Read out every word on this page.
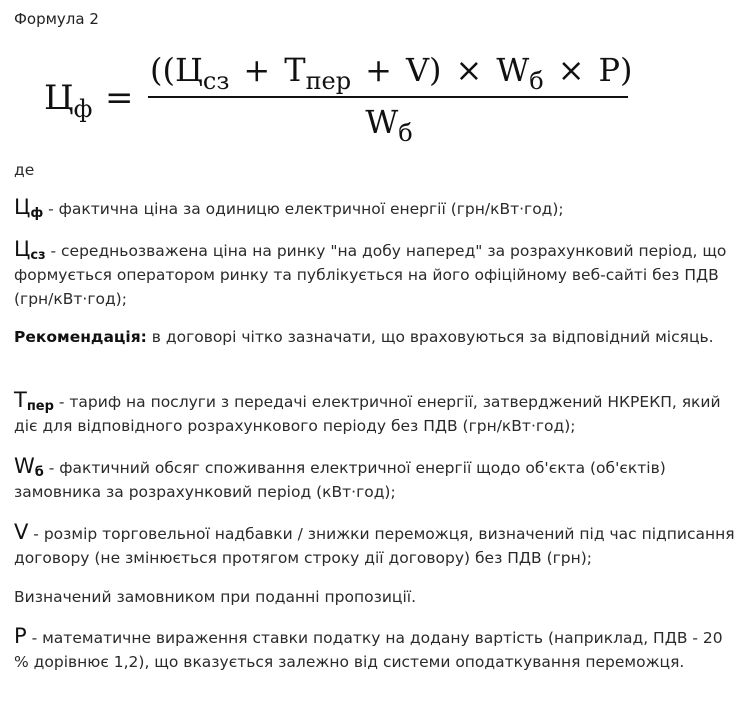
Формула 2
$Ц_ф$ =
$((Ц_{сз} + Т_{пер} + V) \times W_б \times P)$
$W_б$
де
$Ц_ф$ - фактична ціна за одиницю електричної енергії (грн/кВт·год);
$Ц_{сз}$ - середньозважена ціна на ринку "на добу наперед" за розрахунковий період, що формується оператором ринку та публікується на його офіційному веб-сайті без ПДВ (грн/кВт·год);
Рекомендація: в договорі чітко зазначати, що враховуються за відповідний місяць.
$Т_{пер}$ - тариф на послуги з передачі електричної енергії, затверджений НКРЕКП, який діє для відповідного розрахункового періоду без ПДВ (грн/кВт·год);
$W_б$ - фактичний обсяг споживання електричної енергії щодо об'єкта (об'єктів) замовника за розрахунковий період (кВт·год);
V - розмір торговельної надбавки / знижки переможця, визначений під час підписання договору (не змінюється протягом строку дії договору) без ПДВ (грн);
Визначений замовником при поданні пропозиції.
Р - математичне вираження ставки податку на додану вартість (наприклад, ПДВ - 20 % дорівнює 1,2), що вказується залежно від системи оподаткування переможця.
